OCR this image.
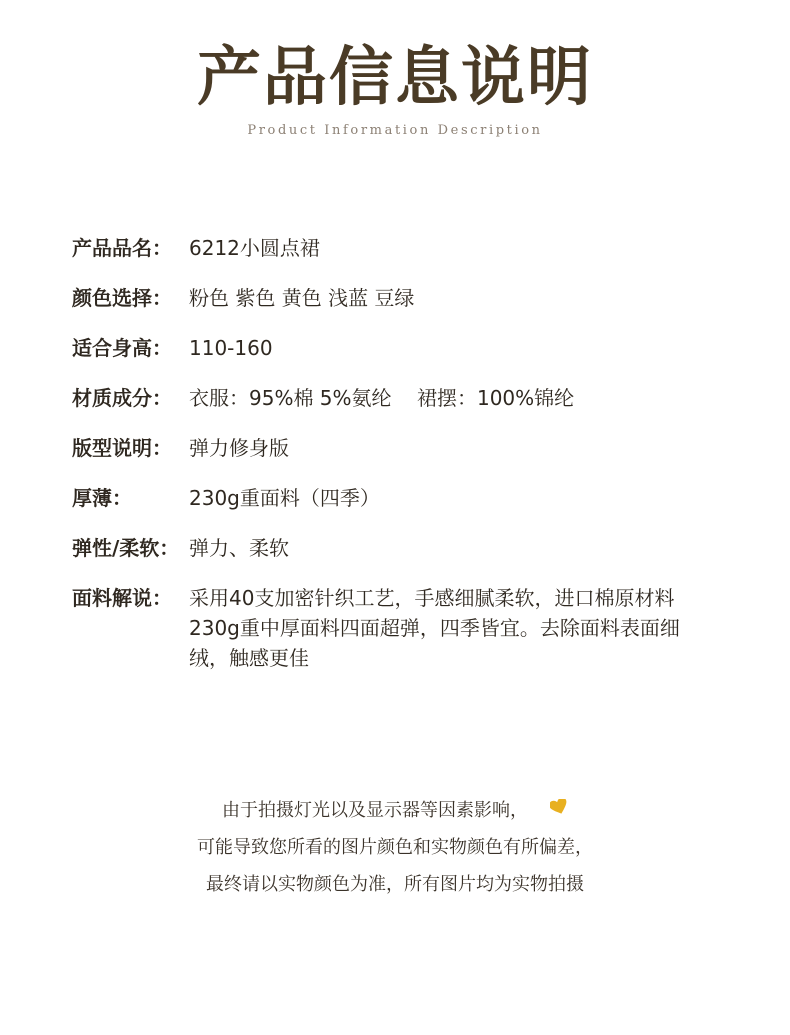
产品信息说明
Product Information Description
产品品名： 6212小圆点裙
颜色选择： 粉色 紫色 黄色 浅蓝 豆绿
适合身高： 110-160
材质成分： 衣服：95%棉 5%氨纶    裙摆：100%锦纶
版型说明： 弹力修身版
厚薄：	230g重面料（四季）
弹性/柔软： 弹力、柔软
面料解说： 采用40支加密针织工艺，手感细腻柔软，进口棉原材料
230g重中厚面料四面超弹，四季皆宜。去除面料表面细
绒，触感更佳
由于拍摄灯光以及显示器等因素影响，
可能导致您所看的图片颜色和实物颜色有所偏差，
最终请以实物颜色为准，所有图片均为实物拍摄
